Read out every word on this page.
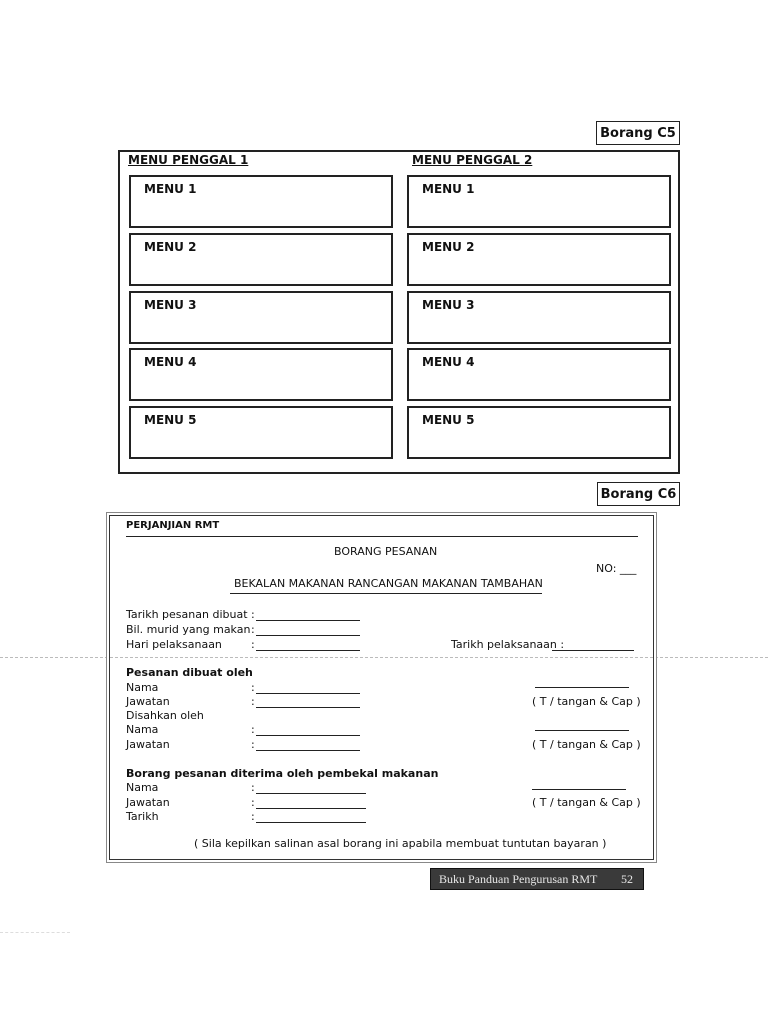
Borang C5
MENU PENGGAL 1	MENU PENGGAL 2
MENU 1
MENU 2
MENU 3
MENU 4
MENU 5
MENU 1
MENU 2
MENU 3
MENU 4
MENU 5
Borang C6
PERJANJIAN RMT
BORANG PESANAN
NO: ___
BEKALAN MAKANAN RANCANGAN MAKANAN TAMBAHAN
Tarikh pesanan dibuat :
Bil. murid yang makan :
Hari pelaksanaan	:	Tarikh pelaksanaan :
Pesanan dibuat oleh
Nama	:
Jawatan	:	( T / tangan & Cap )
Disahkan oleh
Nama	:
Jawatan	:	( T / tangan & Cap )
Borang pesanan diterima oleh pembekal makanan
Nama	:
Jawatan	:	( T / tangan & Cap )
Tarikh	:
( Sila kepilkan salinan asal borang ini apabila membuat tuntutan bayaran )
Buku Panduan Pengurusan RMT 52
